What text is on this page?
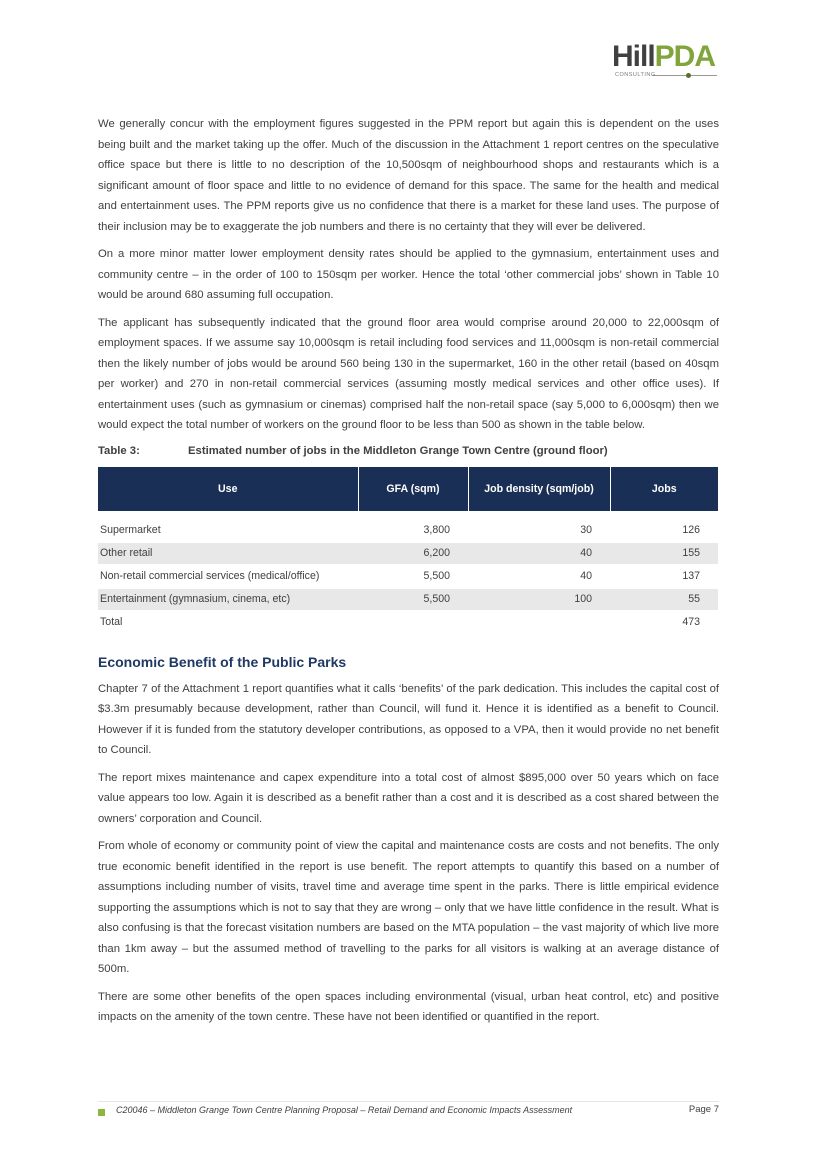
HillPDA
CONSULTING

We generally concur with the employment figures suggested in the PPM report but again this is dependent on the uses being built and the market taking up the offer. Much of the discussion in the Attachment 1 report centres on the speculative office space but there is little to no description of the 10,500sqm of neighbourhood shops and restaurants which is a significant amount of floor space and little to no evidence of demand for this space. The same for the health and medical and entertainment uses. The PPM reports give us no confidence that there is a market for these land uses. The purpose of their inclusion may be to exaggerate the job numbers and there is no certainty that they will ever be delivered.

On a more minor matter lower employment density rates should be applied to the gymnasium, entertainment uses and community centre – in the order of 100 to 150sqm per worker. Hence the total ‘other commercial jobs’ shown in Table 10 would be around 680 assuming full occupation.

The applicant has subsequently indicated that the ground floor area would comprise around 20,000 to 22,000sqm of employment spaces. If we assume say 10,000sqm is retail including food services and 11,000sqm is non-retail commercial then the likely number of jobs would be around 560 being 130 in the supermarket, 160 in the other retail (based on 40sqm per worker) and 270 in non-retail commercial services (assuming mostly medical services and other office uses). If entertainment uses (such as gymnasium or cinemas) comprised half the non-retail space (say 5,000 to 6,000sqm) then we would expect the total number of workers on the ground floor to be less than 500 as shown in the table below.

Table 3:	Estimated number of jobs in the Middleton Grange Town Centre (ground floor)
Use	GFA (sqm)	Job density (sqm/job)	Jobs

Supermarket	3,800	30	126
Other retail	6,200	40	155
Non-retail commercial services (medical/office)	5,500	40	137
Entertainment (gymnasium, cinema, etc)	5,500	100	55
Total			473
Economic Benefit of the Public Parks

Chapter 7 of the Attachment 1 report quantifies what it calls ‘benefits’ of the park dedication. This includes the capital cost of $3.3m presumably because development, rather than Council, will fund it. Hence it is identified as a benefit to Council. However if it is funded from the statutory developer contributions, as opposed to a VPA, then it would provide no net benefit to Council.

The report mixes maintenance and capex expenditure into a total cost of almost $895,000 over 50 years which on face value appears too low. Again it is described as a benefit rather than a cost and it is described as a cost shared between the owners’ corporation and Council.

From whole of economy or community point of view the capital and maintenance costs are costs and not benefits. The only true economic benefit identified in the report is use benefit. The report attempts to quantify this based on a number of assumptions including number of visits, travel time and average time spent in the parks. There is little empirical evidence supporting the assumptions which is not to say that they are wrong – only that we have little confidence in the result. What is also confusing is that the forecast visitation numbers are based on the MTA population – the vast majority of which live more than 1km away – but the assumed method of travelling to the parks for all visitors is walking at an average distance of 500m.

There are some other benefits of the open spaces including environmental (visual, urban heat control, etc) and positive impacts on the amenity of the town centre. These have not been identified or quantified in the report.

C20046 – Middleton Grange Town Centre Planning Proposal – Retail Demand and Economic Impacts Assessment	Page 7
